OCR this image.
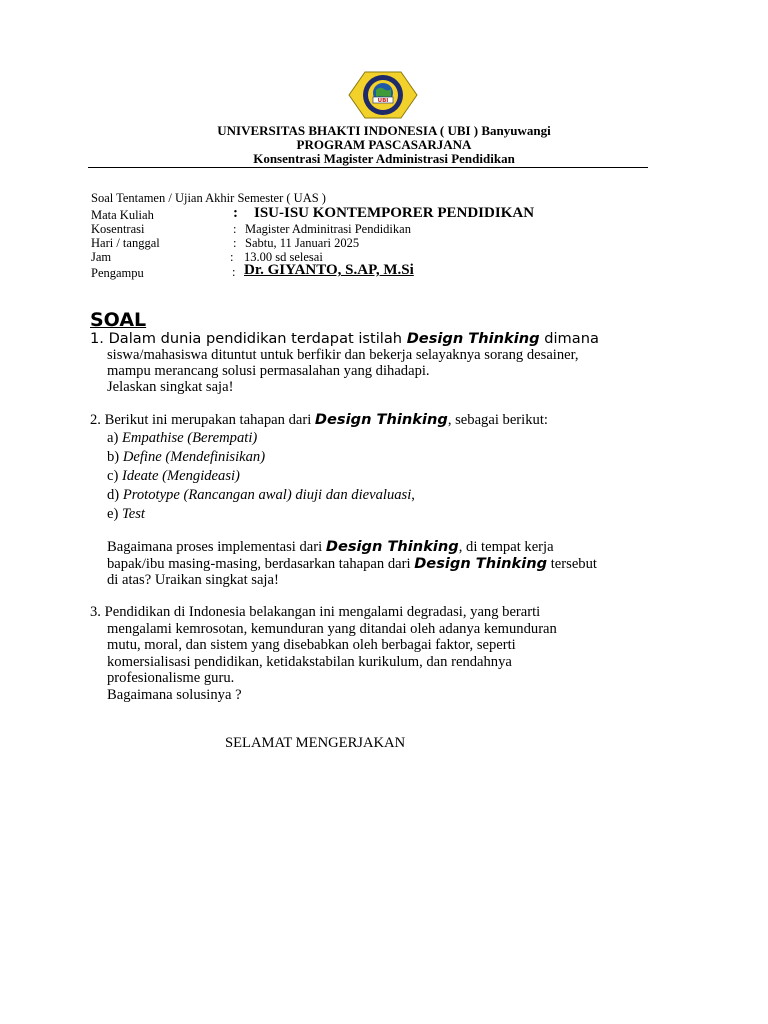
UBI
UNIVERSITAS BHAKTI INDONESIA ( UBI ) Banyuwangi
PROGRAM PASCASARJANA
Konsentrasi Magister Administrasi Pendidikan
Soal Tentamen / Ujian Akhir Semester ( UAS )
Mata Kuliah	: ISU-ISU KONTEMPORER PENDIDIKAN
Kosentrasi	: Magister Adminitrasi Pendidikan
Hari / tanggal	: Sabtu, 11 Januari 2025
Jam	: 13.00 sd selesai
Pengampu	: Dr. GIYANTO, S.AP, M.Si
SOAL
1. Dalam dunia pendidikan terdapat istilah Design Thinking dimana
siswa/mahasiswa dituntut untuk berfikir dan bekerja selayaknya sorang desainer,
mampu merancang solusi permasalahan yang dihadapi.
Jelaskan singkat saja!
2. Berikut ini merupakan tahapan dari Design Thinking, sebagai berikut:
a) Empathise (Berempati)
b) Define (Mendefinisikan)
c) Ideate (Mengideasi)
d) Prototype (Rancangan awal) diuji dan dievaluasi,
e) Test
Bagaimana proses implementasi dari Design Thinking, di tempat kerja
bapak/ibu masing-masing, berdasarkan tahapan dari Design Thinking tersebut
di atas? Uraikan singkat saja!
3. Pendidikan di Indonesia belakangan ini mengalami degradasi, yang berarti
mengalami kemrosotan, kemunduran yang ditandai oleh adanya kemunduran
mutu, moral, dan sistem yang disebabkan oleh berbagai faktor, seperti
komersialisasi pendidikan, ketidakstabilan kurikulum, dan rendahnya
profesionalisme guru.
Bagaimana solusinya ?
SELAMAT MENGERJAKAN
